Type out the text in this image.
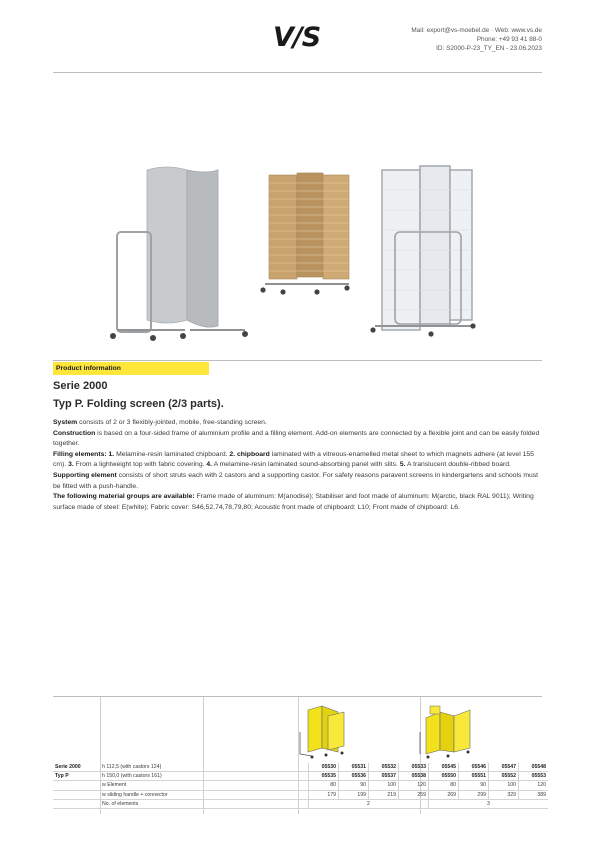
V/S	Mail: export@vs-moebel.de · Web: www.vs.de
Phone: +49 93 41 88-0
ID: S2000-P-23_TY_EN - 23.06.2023
Product information
Serie 2000
Typ P. Folding screen (2/3 parts).

System consists of 2 or 3 flexibly-jointed, mobile, free-standing screen.

Construction is based on a four-sided frame of aluminium profile and a filling element. Add-on elements are connected by a flexible joint and can be easily folded together.

Filling elements: 1. Melamine-resin laminated chipboard. 2. chipboard laminated with a vitreous-enamelled metal sheet to which magnets adhere (at level 155 cm). 3. From a lightweight top with fabric covering. 4. A melamine-resin laminated sound-absorbing panel with slits. 5. A translucent double-ribbed board.

Supporting element consists of short struts each with 2 castors and a supporting castor. For safety reasons paravent screens in kindergartens and schools must be fitted with a push-handle.

The following material groups are available: Frame made of aluminum: M(anodisé); Stabiliser and foot made of aluminum: M(arctic, black RAL 9011); Writing surface made of steel: E(white); Fabric cover: S46,52,74,78,79,80; Acoustic front made of chipboard: L10; Front made of chipboard: L6.

Serie 2000	h 112,5 (with castors 124)		05530	05531	05532	05533	05545	05546	05547	05548
Typ P	h 150,0 (with castors 161)		05535	05536	05537	05538	05550	05551	05552	05553
	w Element		80	90	100	120	80	90	100	120
	w sliding handle + connector		179	199	219	259	269	299	329	389
	No. of elements		2				3			
